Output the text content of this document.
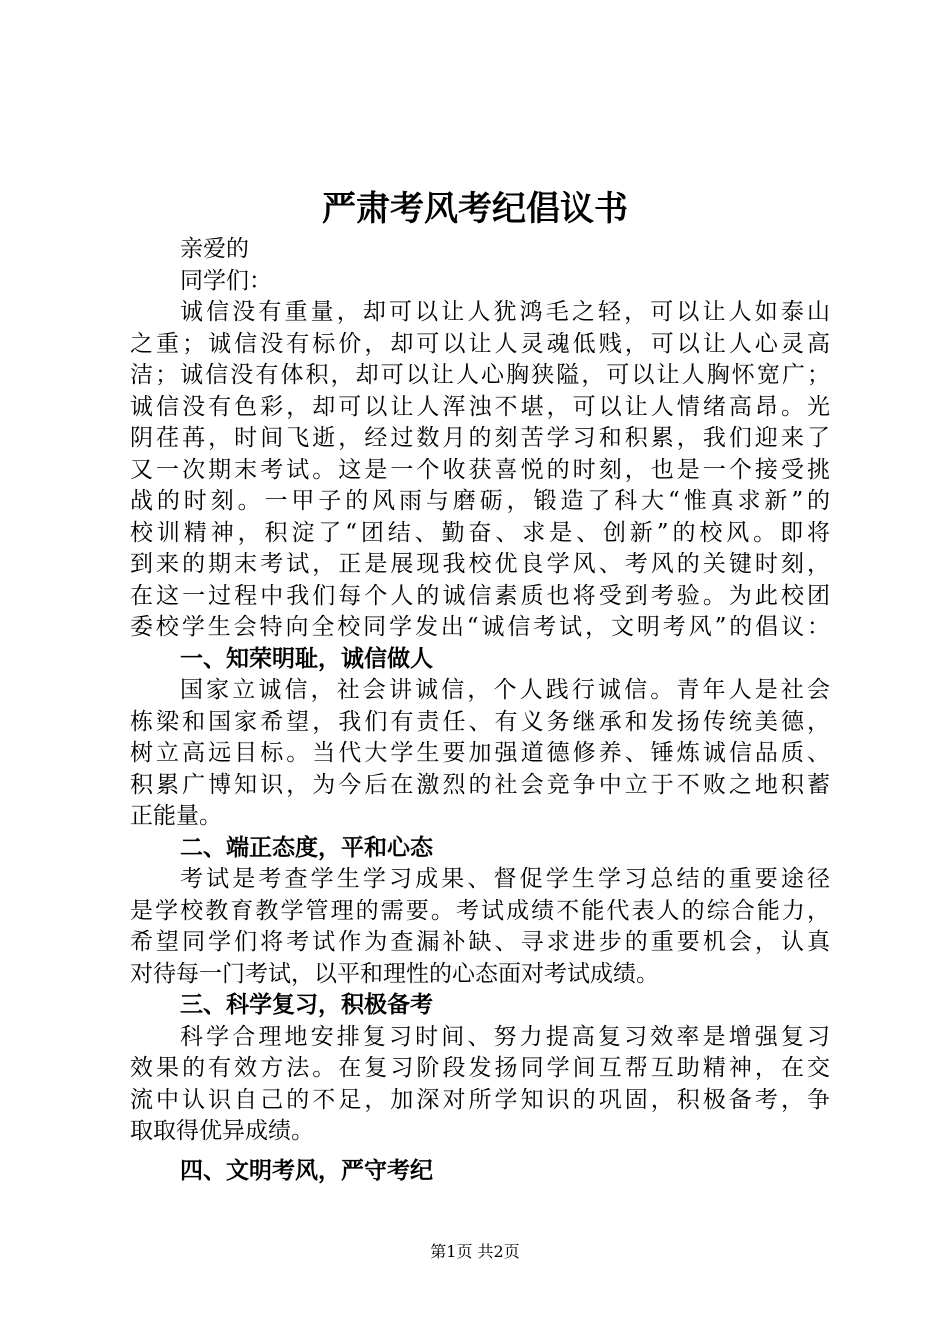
严肃考风考纪倡议书
亲爱的
同学们：
诚信没有重量，却可以让人犹鸿毛之轻，可以让人如泰山
之重；诚信没有标价，却可以让人灵魂低贱，可以让人心灵高
洁；诚信没有体积，却可以让人心胸狭隘，可以让人胸怀宽广；
诚信没有色彩，却可以让人浑浊不堪，可以让人情绪高昂。光
阴荏苒，时间飞逝，经过数月的刻苦学习和积累，我们迎来了
又一次期末考试。这是一个收获喜悦的时刻，也是一个接受挑
战的时刻。一甲子的风雨与磨砺，锻造了科大“惟真求新”的
校训精神，积淀了“团结、勤奋、求是、创新”的校风。即将
到来的期末考试，正是展现我校优良学风、考风的关键时刻，
在这一过程中我们每个人的诚信素质也将受到考验。为此校团
委校学生会特向全校同学发出“诚信考试，文明考风”的倡议：
一、知荣明耻，诚信做人
国家立诚信，社会讲诚信，个人践行诚信。青年人是社会
栋梁和国家希望，我们有责任、有义务继承和发扬传统美德，
树立高远目标。当代大学生要加强道德修养、锤炼诚信品质、
积累广博知识，为今后在激烈的社会竞争中立于不败之地积蓄
正能量。
二、端正态度，平和心态
考试是考查学生学习成果、督促学生学习总结的重要途径
是学校教育教学管理的需要。考试成绩不能代表人的综合能力，
希望同学们将考试作为查漏补缺、寻求进步的重要机会，认真
对待每一门考试，以平和理性的心态面对考试成绩。
三、科学复习，积极备考
科学合理地安排复习时间、努力提高复习效率是增强复习
效果的有效方法。在复习阶段发扬同学间互帮互助精神，在交
流中认识自己的不足，加深对所学知识的巩固，积极备考，争
取取得优异成绩。
四、文明考风，严守考纪
第1页 共2页
